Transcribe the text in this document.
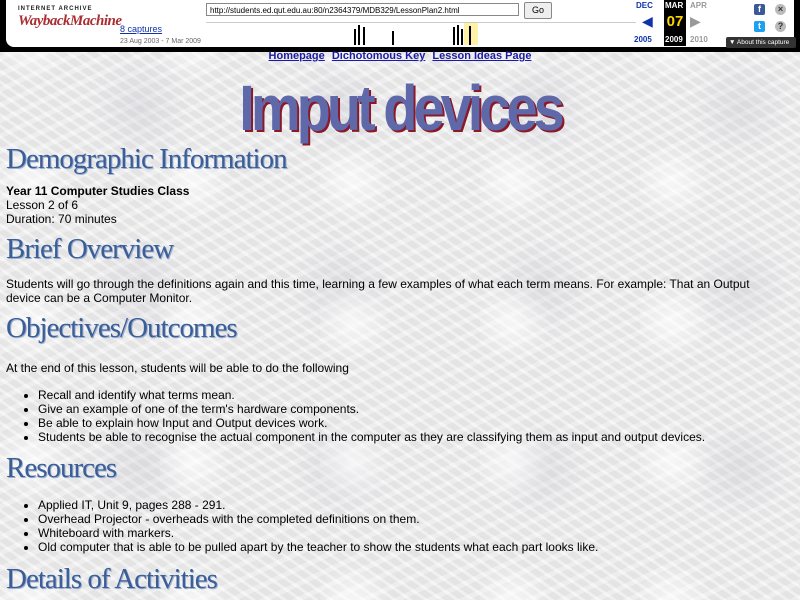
INTERNET ARCHIVE
WaybackMachine
8 captures
23 Aug 2003 - 7 Mar 2009
http://students.ed.qut.edu.au:80/n2364379/MDB329/LessonPlan2.html	Go	DEC
◀
2005
MAR
07
2009
APR
▶
2010
f	×
t	?
▼ About this capture
Homepage Dichotomous Key Lesson Ideas Page
Imput devices
Demographic Information
Year 11 Computer Studies Class
Lesson 2 of 6
Duration: 70 minutes
Brief Overview
Students will go through the definitions again and this time, learning a few examples of what each term means. For example: That an Output
device can be a Computer Monitor.
Objectives/Outcomes
At the end of this lesson, students will be able to do the following
• Recall and identify what terms mean.
• Give an example of one of the term's hardware components.
• Be able to explain how Input and Output devices work.
• Students be able to recognise the actual component in the computer as they are classifying them as input and output devices.
Resources
• Applied IT, Unit 9, pages 288 - 291.
• Overhead Projector - overheads with the completed definitions on them.
• Whiteboard with markers.
• Old computer that is able to be pulled apart by the teacher to show the students what each part looks like.
Details of Activities
